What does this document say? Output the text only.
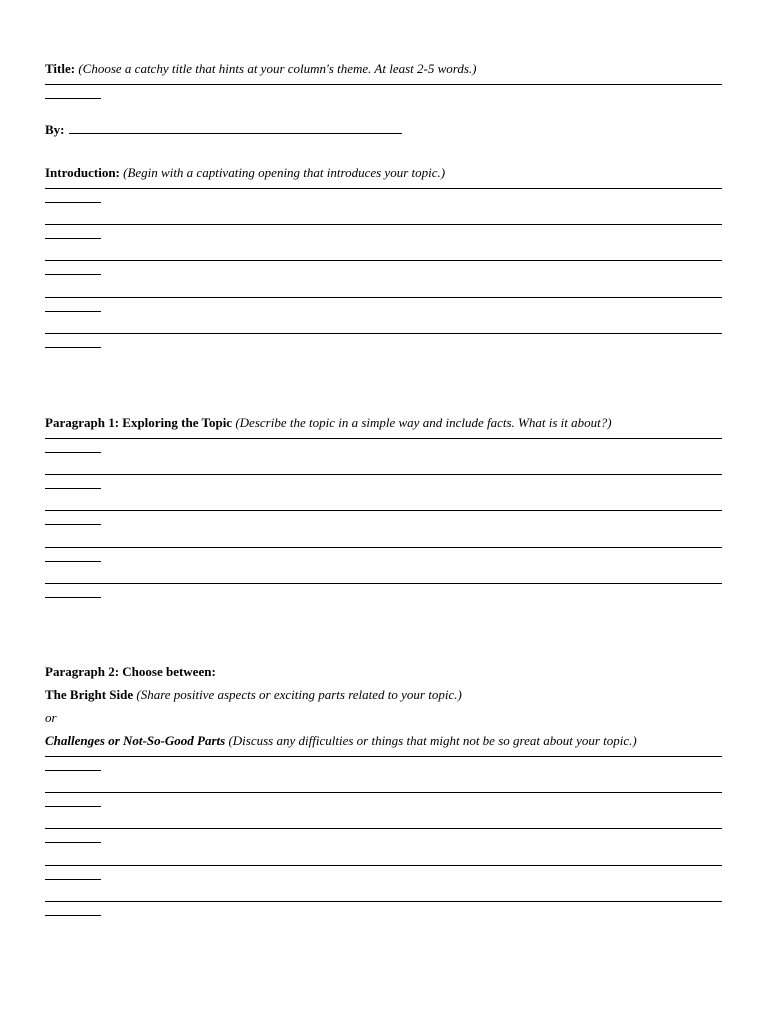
Title: (Choose a catchy title that hints at your column's theme. At least 2-5 words.)
By:
Introduction: (Begin with a captivating opening that introduces your topic.)
Paragraph 1: Exploring the Topic (Describe the topic in a simple way and include facts. What is it about?)
Paragraph 2: Choose between:
The Bright Side (Share positive aspects or exciting parts related to your topic.)
or
Challenges or Not-So-Good Parts (Discuss any difficulties or things that might not be so great about your topic.)
